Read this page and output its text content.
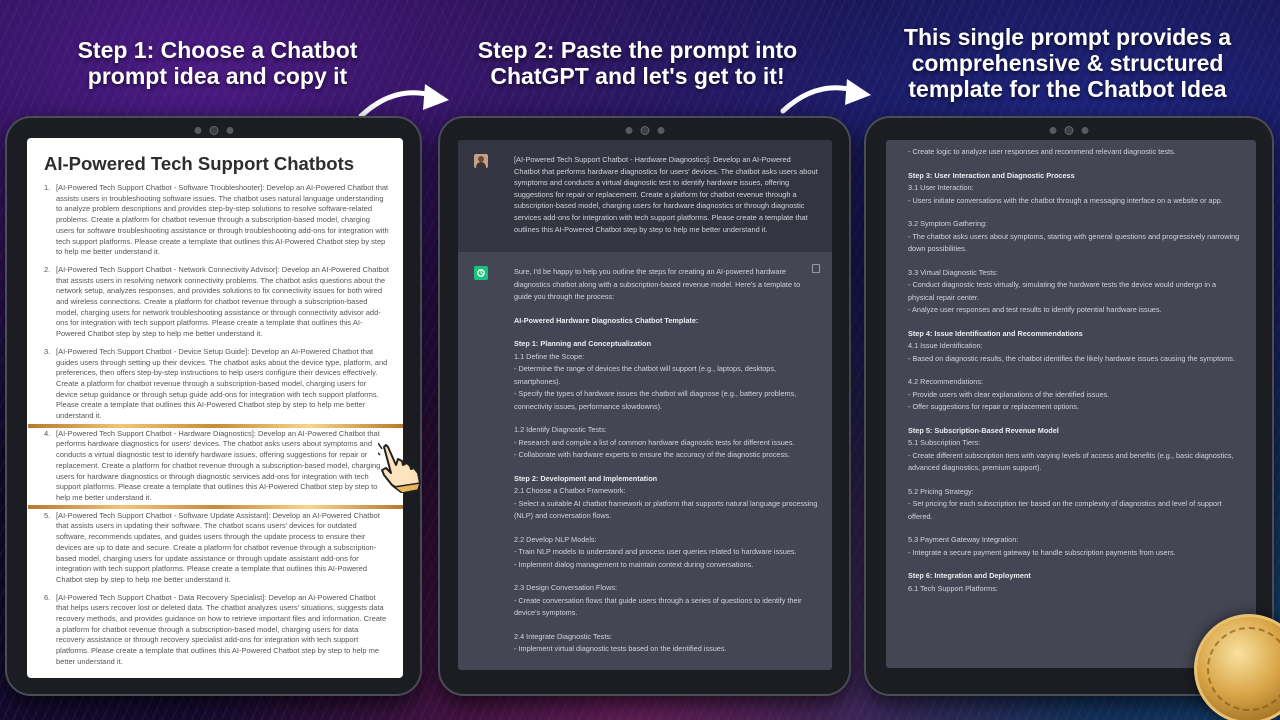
Step 1: Choose a Chatbot
prompt idea and copy it
Step 2: Paste the prompt into
ChatGPT and let's get to it!
This single prompt provides a
comprehensive & structured
template for the Chatbot Idea
AI-Powered Tech Support Chatbots
1. [AI-Powered Tech Support Chatbot - Software Troubleshooter]: Develop an AI-Powered Chatbot that assists users in troubleshooting software issues. The chatbot uses natural language understanding to analyze problem descriptions and provides step-by-step solutions to resolve software-related problems. Create a platform for chatbot revenue through a subscription-based model, charging users for software troubleshooting assistance or through troubleshooting add-ons for integration with tech support platforms. Please create a template that outlines this AI-Powered Chatbot step by step to help me better understand it.
2. [AI-Powered Tech Support Chatbot - Network Connectivity Advisor]: Develop an AI-Powered Chatbot that assists users in resolving network connectivity problems. The chatbot asks questions about the network setup, analyzes responses, and provides solutions to fix connectivity issues for both wired and wireless connections. Create a platform for chatbot revenue through a subscription-based model, charging users for network troubleshooting assistance or through connectivity advisor add-ons for integration with tech support platforms. Please create a template that outlines this AI-Powered Chatbot step by step to help me better understand it.
3. [AI-Powered Tech Support Chatbot - Device Setup Guide]: Develop an AI-Powered Chatbot that guides users through setting up their devices. The chatbot asks about the device type, platform, and preferences, then offers step-by-step instructions to help users configure their devices effectively. Create a platform for chatbot revenue through a subscription-based model, charging users for device setup guidance or through setup guide add-ons for integration with tech support platforms. Please create a template that outlines this AI-Powered Chatbot step by step to help me better understand it.
4. [AI-Powered Tech Support Chatbot - Hardware Diagnostics]: Develop an AI-Powered Chatbot that performs hardware diagnostics for users' devices. The chatbot asks users about symptoms and conducts a virtual diagnostic test to identify hardware issues, offering suggestions for repair or replacement. Create a platform for chatbot revenue through a subscription-based model, charging users for hardware diagnostics or through diagnostic services add-ons for integration with tech support platforms. Please create a template that outlines this AI-Powered Chatbot step by step to help me better understand it.
5. [AI-Powered Tech Support Chatbot - Software Update Assistant]: Develop an AI-Powered Chatbot that assists users in updating their software. The chatbot scans users' devices for outdated software, recommends updates, and guides users through the update process to ensure their devices are up to date and secure. Create a platform for chatbot revenue through a subscription-based model, charging users for update assistance or through update assistant add-ons for integration with tech support platforms. Please create a template that outlines this AI-Powered Chatbot step by step to help me better understand it.
6. [AI-Powered Tech Support Chatbot - Data Recovery Specialist]: Develop an AI-Powered Chatbot that helps users recover lost or deleted data. The chatbot analyzes users' situations, suggests data recovery methods, and provides guidance on how to retrieve important files and information. Create a platform for chatbot revenue through a subscription-based model, charging users for data recovery assistance or through recovery specialist add-ons for integration with tech support platforms. Please create a template that outlines this AI-Powered Chatbot step by step to help me better understand it.
[AI-Powered Tech Support Chatbot - Hardware Diagnostics]: Develop an AI-Powered Chatbot that performs hardware diagnostics for users' devices. The chatbot asks users about symptoms and conducts a virtual diagnostic test to identify hardware issues, offering suggestions for repair or replacement. Create a platform for chatbot revenue through a subscription-based model, charging users for hardware diagnostics or through diagnostic services add-ons for integration with tech support platforms. Please create a template that outlines this AI-Powered Chatbot step by step to help me better understand it.
Sure, I'd be happy to help you outline the steps for creating an AI-powered hardware diagnostics chatbot along with a subscription-based revenue model. Here's a template to guide you through the process:
AI-Powered Hardware Diagnostics Chatbot Template:
Step 1: Planning and Conceptualization
1.1 Define the Scope:
- Determine the range of devices the chatbot will support (e.g., laptops, desktops, smartphones).
- Specify the types of hardware issues the chatbot will diagnose (e.g., battery problems, connectivity issues, performance slowdowns).
1.2 Identify Diagnostic Tests:
- Research and compile a list of common hardware diagnostic tests for different issues.
- Collaborate with hardware experts to ensure the accuracy of the diagnostic process.
Step 2: Development and Implementation
2.1 Choose a Chatbot Framework:
- Select a suitable AI chatbot framework or platform that supports natural language processing (NLP) and conversation flows.
2.2 Develop NLP Models:
- Train NLP models to understand and process user queries related to hardware issues.
- Implement dialog management to maintain context during conversations.
2.3 Design Conversation Flows:
- Create conversation flows that guide users through a series of questions to identify their device's symptoms.
2.4 Integrate Diagnostic Tests:
- Implement virtual diagnostic tests based on the identified issues.
- Create logic to analyze user responses and recommend relevant diagnostic tests.
Step 3: User Interaction and Diagnostic Process
3.1 User Interaction:
- Users initiate conversations with the chatbot through a messaging interface on a website or app.
3.2 Symptom Gathering:
- The chatbot asks users about symptoms, starting with general questions and progressively narrowing down possibilities.
3.3 Virtual Diagnostic Tests:
- Conduct diagnostic tests virtually, simulating the hardware tests the device would undergo in a physical repair center.
- Analyze user responses and test results to identify potential hardware issues.
Step 4: Issue Identification and Recommendations
4.1 Issue Identification:
- Based on diagnostic results, the chatbot identifies the likely hardware issues causing the symptoms.
4.2 Recommendations:
- Provide users with clear explanations of the identified issues.
- Offer suggestions for repair or replacement options.
Step 5: Subscription-Based Revenue Model
5.1 Subscription Tiers:
- Create different subscription tiers with varying levels of access and benefits (e.g., basic diagnostics, advanced diagnostics, premium support).
5.2 Pricing Strategy:
- Set pricing for each subscription tier based on the complexity of diagnostics and level of support offered.
5.3 Payment Gateway Integration:
- Integrate a secure payment gateway to handle subscription payments from users.
Step 6: Integration and Deployment
6.1 Tech Support Platforms:
